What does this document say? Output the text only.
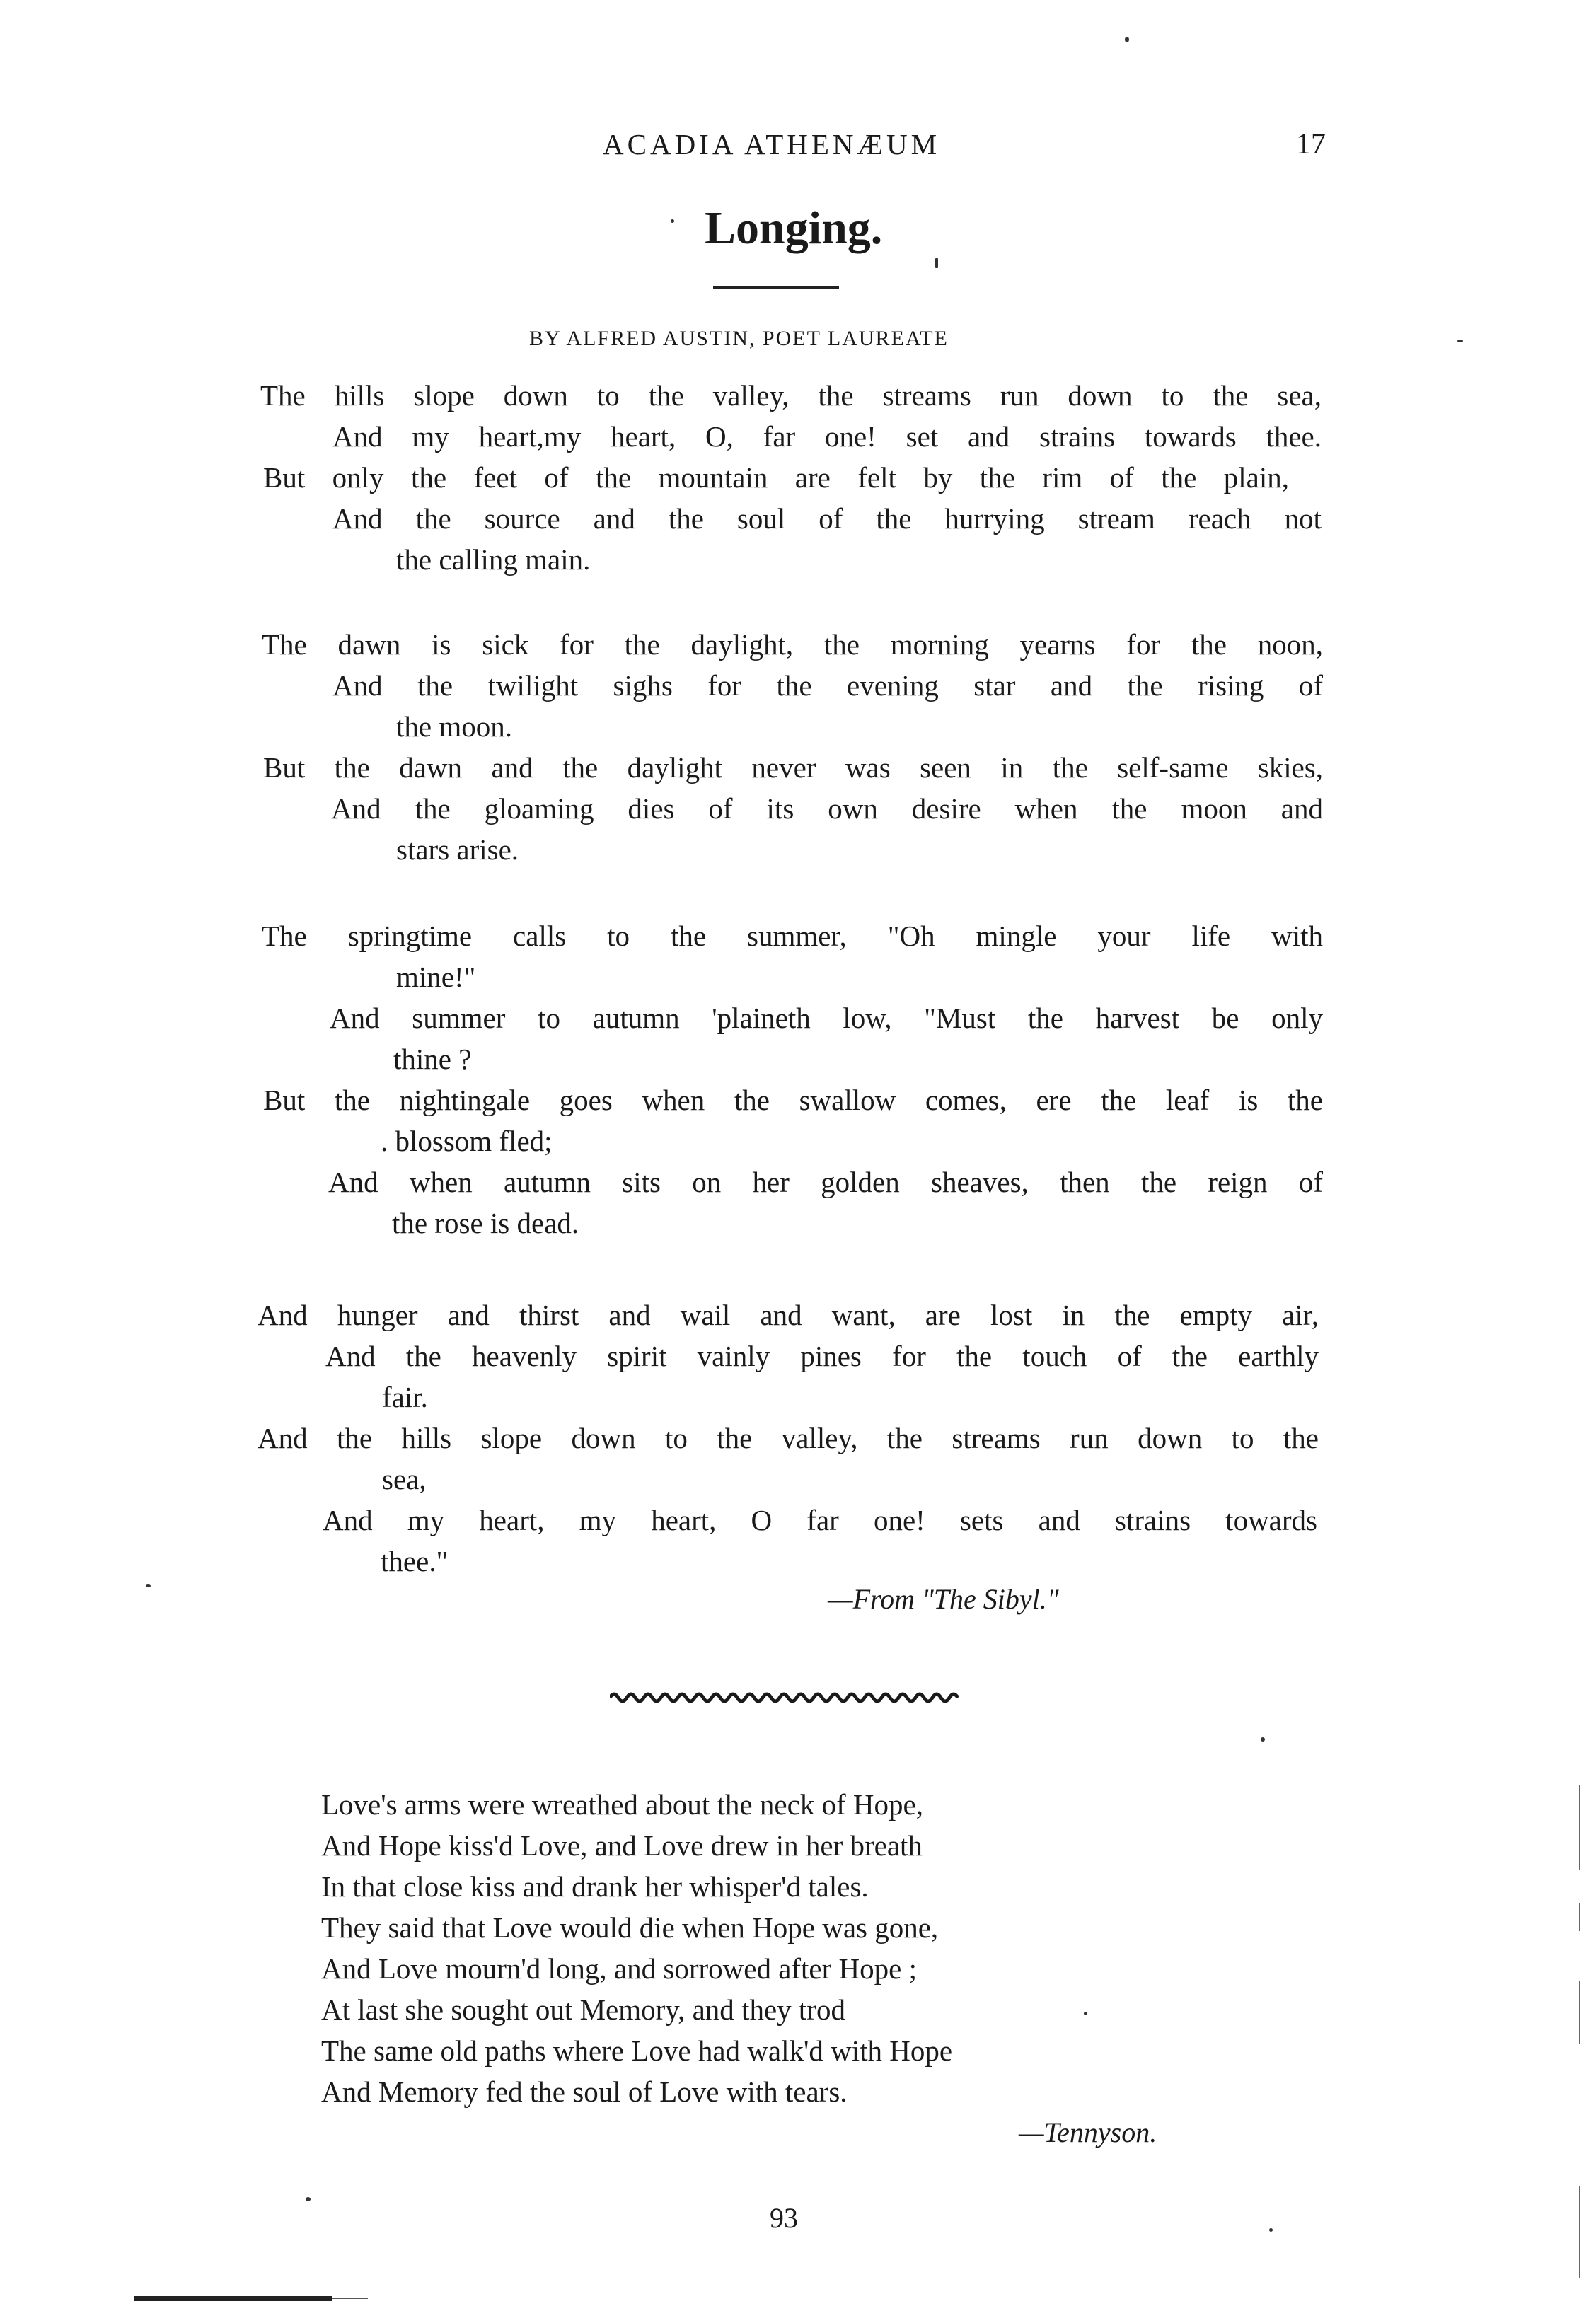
ACADIA ATHENÆUM	17
Longing.
BY ALFRED AUSTIN, POET LAUREATE
The hills slope down to the valley, the streams run down to the sea,
And my heart,my heart, O, far one! set and strains towards thee.
But only the feet of the mountain are felt by the rim of the plain,
And the source and the soul of the hurrying stream reach not
the calling main.
The dawn is sick for the daylight, the morning yearns for the noon,
And the twilight sighs for the evening star and the rising of
the moon.
But the dawn and the daylight never was seen in the self-same skies,
And the gloaming dies of its own desire when the moon and
stars arise.
The springtime calls to the summer, "Oh mingle your life with
mine!"
And summer to autumn 'plaineth low, "Must the harvest be only
thine ?
But the nightingale goes when the swallow comes, ere the leaf is the
. blossom fled;
And when autumn sits on her golden sheaves, then the reign of
the rose is dead.
And hunger and thirst and wail and want, are lost in the empty air,
And the heavenly spirit vainly pines for the touch of the earthly
fair.
And the hills slope down to the valley, the streams run down to the
sea,
And my heart, my heart, O far one! sets and strains towards
thee."
—From "The Sibyl."
Love's arms were wreathed about the neck of Hope,
And Hope kiss'd Love, and Love drew in her breath
In that close kiss and drank her whisper'd tales.
They said that Love would die when Hope was gone,
And Love mourn'd long, and sorrowed after Hope ;
At last she sought out Memory, and they trod
The same old paths where Love had walk'd with Hope
And Memory fed the soul of Love with tears.
—Tennyson.
93
